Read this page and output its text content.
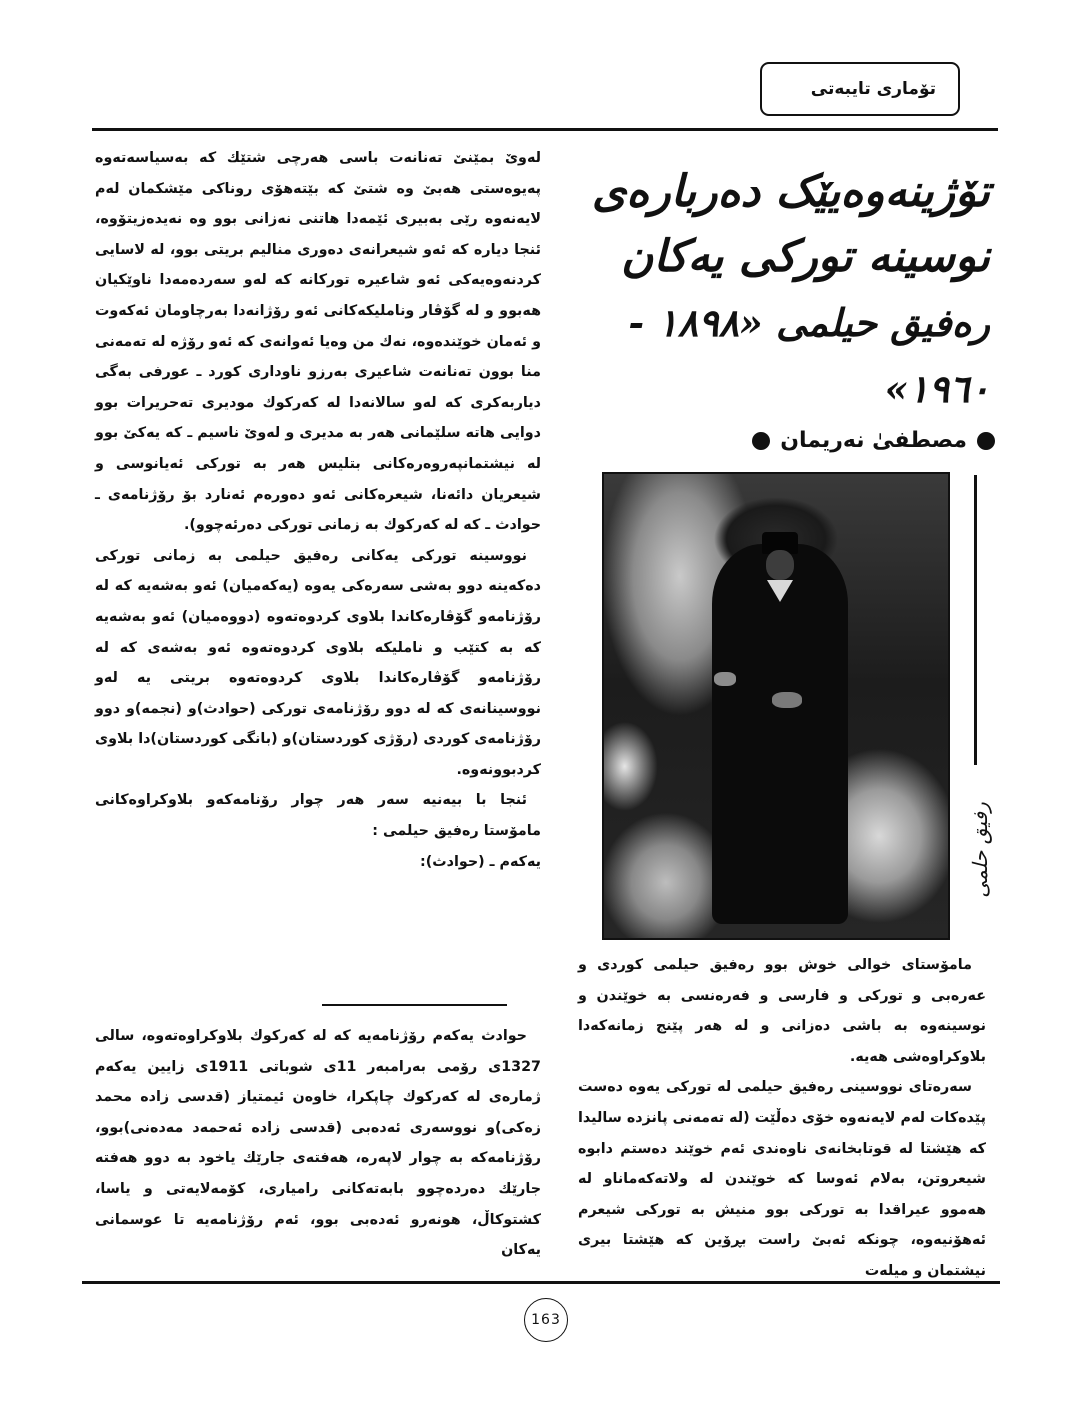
تۆماری تایبەتی
تۆژینەوەیێک دەربارەی
نوسینە تورکی یەکان
رەفیق حیلمی «١٨٩٨ - ١٩٦٠»
مصطفیٰ نەریمان
رفیق حلمی

لەوێ بمێنێ تەنانەت باسی هەرچی شتێك كە بەسیاسەتەوە پەیوەستی هەبێ وە شتێ كە بێتەهۆی روناكی مێشكمان لەم لایەنەوە رێی بەبیری ئێمەدا هاتنی نەزانی بوو وە نەیدەزیتۆوە، ئنجا دیارە كە ئەو شیعرانەی دەوری منالیم بریتی بوو، لە لاسایی كردنەوەیەكی ئەو شاعیرە توركانە كە لەو سەردەمەدا ناوێكیان هەبوو و لە گۆڤار وناملیكەكانی ئەو رۆژانەدا بەرچاومان ئەكەوت و ئەمان خوێندەوە، نەك من وەیا ئەوانەی كە ئەو رۆژە لە تەمەنی منا بوون تەنانەت شاعیری بەرزو ناوداری كورد ـ عورفی بەگی دیاربەكری كە لەو سالانەدا لە كەركوك مودیری تەحریرات بوو دوایی هاتە سلێمانی هەر بە مدیری و لەوێ ناسیم ـ كە یەكێ بوو لە نیشتمانپەروەرەكانی بتلیس هەر بە توركی ئەیانوسی و شیعریان دائەنا، شیعرەكانی ئەو دەورەم ئەنارد بۆ رۆژنامەی ـ حوادث ـ كە لە كەركوك بە زمانی توركی دەرئەچوو).

نووسینە توركی یەكانی رەفیق حیلمی بە زمانی توركی دەكەینە دوو بەشی سەرەكی یەوە (یەكەمیان) ئەو بەشەیە كە لە رۆژنامەو گۆڤارەكاندا بلاوی كردوەتەوە (دووەمیان) ئەو بەشەیە كە بە كتێب و ناملیكە بلاوی كردوەتەوە ئەو بەشەی كە لە رۆژنامەو گۆڤارەكاندا بلاوی كردوەتەوە بریتی یە لەو نووسینانەی كە لە دوو رۆژنامەی توركی (حوادث)و (نجمە)و دوو رۆژنامەی كوردی (رۆژی كوردستان)و (بانگی كوردستان)دا بلاوی كردبوونەوە.

ئنجا با بیەنیە سەر هەر چوار رۆنامەكەو بلاوكراوەكانی مامۆستا رەفیق حیلمی :

یەكەم ـ (حوادث):

حوادث یەكەم رۆژنامەیە كە لە كەركوك بلاوكراوەتەوە، سالی 1327ی رۆمی بەرامبەر 11ی شوباتی 1911ی زایین یەكەم ژمارەی لە كەركوك چاپكرا، خاوەن ئیمتیاز (قدسی زادە محمد زەكی)و نووسەری ئەدەبی (قدسی زادە ئەحمەد مەدەنی)بوو، رۆژنامەكە بە چوار لاپەرە، هەفتەی جارێك یاخود بە دوو هەفتە جارێك دەردەچوو بابەتەكانی رامیاری، كۆمەلایەتی و یاسا، كشتوكاڵ، هونەرو ئەدەبی بوو، ئەم رۆژنامەیە تا عوسمانی یەكان

مامۆستای خوالی خوش بوو رەفیق حیلمی كوردی و عەرەبی و توركی و فارسی و فەرەنسی بە خوێندن و نوسینەوە بە باشی دەزانی و لە هەر پێنج زمانەكەدا بلاوكراوەشی هەیە.

سەرەتای نووسینی رەفیق حیلمی لە توركی یەوە دەست پێدەكات لەم لایەنەوە خۆی دەڵێت (لە تەمەنی پانزدە سالیدا كە هێشتا لە قوتابخانەی ناوەندی ئەم خوێند دەستم دابوە شیعروتن، بەلام ئەوسا كە خوێندن لە ولاتەكەماناو لە هەموو عیراقدا بە توركی بوو منیش بە توركی شیعرم ئەهۆنیەوە، چونكە ئەبێ راست بڕۆین كە هێشتا بیری نیشتمان و میلەت

163
